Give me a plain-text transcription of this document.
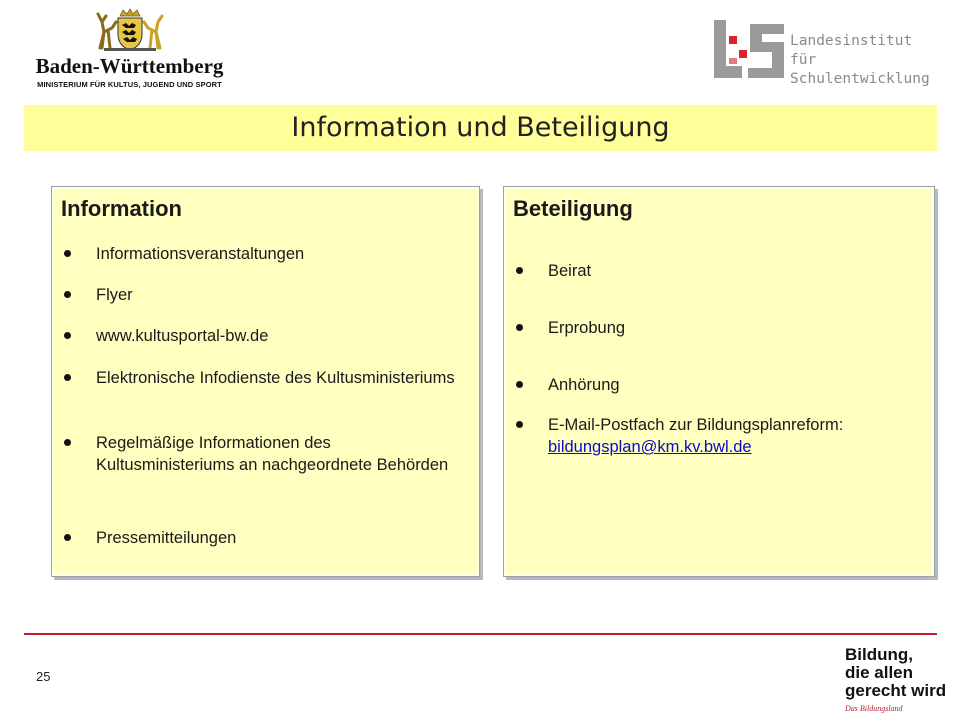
Baden-Württemberg
MINISTERIUM FÜR KULTUS, JUGEND UND SPORT
Landesinstitut
für Schulentwicklung
Information und Beteiligung
Information
Informationsveranstaltungen
Flyer
www.kultusportal-bw.de
Elektronische Infodienste des Kultusministeriums
Regelmäßige Informationen des Kultusministeriums an nachgeordnete Behörden
Pressemitteilungen
Beteiligung
Beirat
Erprobung
Anhörung
E-Mail-Postfach zur Bildungsplanreform:
bildungsplan@km.kv.bwl.de
25
Bildung,
die allen
gerecht wird
Das Bildungsland
